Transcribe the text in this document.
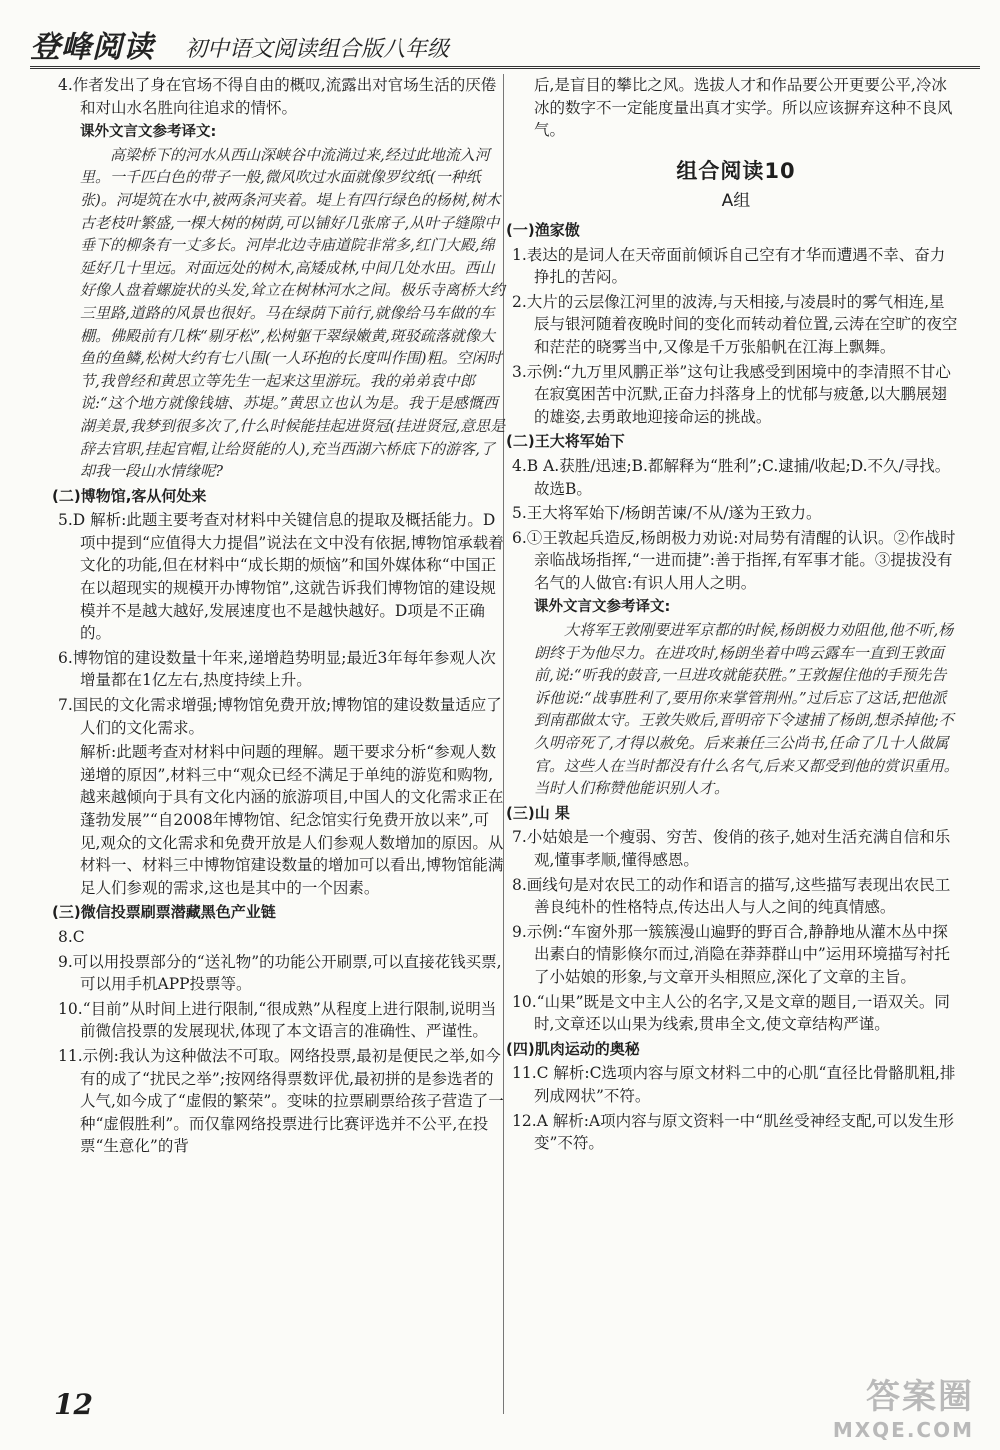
登峰阅读 初中语文阅读组合版八年级

4.作者发出了身在官场不得自由的概叹,流露出对官场生活的厌倦和对山水名胜向往追求的情怀。

课外文言文参考译文:

高梁桥下的河水从西山深峡谷中流淌过来,经过此地流入河里。一千匹白色的带子一般,微风吹过水面就像罗纹纸(一种纸张)。河堤筑在水中,被两条河夹着。堤上有四行绿色的杨树,树木古老枝叶繁盛,一棵大树的树荫,可以铺好几张席子,从叶子缝隙中垂下的柳条有一丈多长。河岸北边寺庙道院非常多,红门大殿,绵延好几十里远。对面远处的树木,高矮成林,中间几处水田。西山好像人盘着螺旋状的头发,耸立在树林河水之间。极乐寺离桥大约三里路,道路的风景也很好。马在绿荫下前行,就像给马车做的车棚。佛殿前有几株“剔牙松”,松树躯干翠绿嫩黄,斑驳疏落就像大鱼的鱼鳞,松树大约有七八围(一人环抱的长度叫作围)粗。空闲时节,我曾经和黄思立等先生一起来这里游玩。我的弟弟袁中郎说:“这个地方就像钱塘、苏堤。”黄思立也认为是。我于是感慨西湖美景,我梦到很多次了,什么时候能挂起进贤冠(挂进贤冠,意思是辞去官职,挂起官帽,让给贤能的人),充当西湖六桥底下的游客,了却我一段山水情缘呢?

(二)博物馆,客从何处来

5.D 解析:此题主要考查对材料中关键信息的提取及概括能力。D项中提到“应值得大力提倡”说法在文中没有依据,博物馆承载着文化的功能,但在材料中“成长期的烦恼”和国外媒体称“中国正在以超现实的规模开办博物馆”,这就告诉我们博物馆的建设规模并不是越大越好,发展速度也不是越快越好。D项是不正确的。

6.博物馆的建设数量十年来,递增趋势明显;最近3年每年参观人次增量都在1亿左右,热度持续上升。

7.国民的文化需求增强;博物馆免费开放;博物馆的建设数量适应了人们的文化需求。

解析:此题考查对材料中问题的理解。题干要求分析“参观人数递增的原因”,材料三中“观众已经不满足于单纯的游览和购物,越来越倾向于具有文化内涵的旅游项目,中国人的文化需求正在蓬勃发展”“自2008年博物馆、纪念馆实行免费开放以来”,可见,观众的文化需求和免费开放是人们参观人数增加的原因。从材料一、材料三中博物馆建设数量的增加可以看出,博物馆能满足人们参观的需求,这也是其中的一个因素。

(三)微信投票刷票潜藏黑色产业链

8.C

9.可以用投票部分的“送礼物”的功能公开刷票,可以直接花钱买票,可以用手机APP投票等。

10.“目前”从时间上进行限制,“很成熟”从程度上进行限制,说明当前微信投票的发展现状,体现了本文语言的准确性、严谨性。

11.示例:我认为这种做法不可取。网络投票,最初是便民之举,如今有的成了“扰民之举”;按网络得票数评优,最初拼的是参选者的人气,如今成了“虚假的繁荣”。变味的拉票刷票给孩子营造了一种“虚假胜利”。而仅靠网络投票进行比赛评选并不公平,在投票“生意化”的背

后,是盲目的攀比之风。选拔人才和作品要公开更要公平,冷冰冰的数字不一定能度量出真才实学。所以应该摒弃这种不良风气。

组合阅读10

A组

(一)渔家傲

1.表达的是词人在天帝面前倾诉自己空有才华而遭遇不幸、奋力挣扎的苦闷。

2.大片的云层像江河里的波涛,与天相接,与凌晨时的雾气相连,星辰与银河随着夜晚时间的变化而转动着位置,云涛在空旷的夜空和茫茫的晓雾当中,又像是千万张船帆在江海上飘舞。

3.示例:“九万里风鹏正举”这句让我感受到困境中的李清照不甘心在寂寞困苦中沉默,正奋力抖落身上的忧郁与疲惫,以大鹏展翅的雄姿,去勇敢地迎接命运的挑战。

(二)王大将军始下

4.B A.获胜/迅速;B.都解释为“胜利”;C.逮捕/收起;D.不久/寻找。故选B。

5.王大将军始下/杨朗苦谏/不从/遂为王致力。

6.①王敦起兵造反,杨朗极力劝说:对局势有清醒的认识。②作战时亲临战场指挥,“一进而捷”:善于指挥,有军事才能。③提拔没有名气的人做官:有识人用人之明。

课外文言文参考译文:

大将军王敦刚要进军京都的时候,杨朗极力劝阻他,他不听,杨朗终于为他尽力。在进攻时,杨朗坐着中鸣云露车一直到王敦面前,说:“听我的鼓音,一旦进攻就能获胜。”王敦握住他的手预先告诉他说:“战事胜利了,要用你来掌管荆州。”过后忘了这话,把他派到南郡做太守。王敦失败后,晋明帝下令逮捕了杨朗,想杀掉他;不久明帝死了,才得以赦免。后来兼任三公尚书,任命了几十人做属官。这些人在当时都没有什么名气,后来又都受到他的赏识重用。当时人们称赞他能识别人才。

(三)山 果

7.小姑娘是一个瘦弱、穷苦、俊俏的孩子,她对生活充满自信和乐观,懂事孝顺,懂得感恩。

8.画线句是对农民工的动作和语言的描写,这些描写表现出农民工善良纯朴的性格特点,传达出人与人之间的纯真情感。

9.示例:“车窗外那一簇簇漫山遍野的野百合,静静地从灌木丛中探出素白的情影倏尔而过,消隐在莽莽群山中”运用环境描写衬托了小姑娘的形象,与文章开头相照应,深化了文章的主旨。

10.“山果”既是文中主人公的名字,又是文章的题目,一语双关。同时,文章还以山果为线索,贯串全文,使文章结构严谨。

(四)肌肉运动的奥秘

11.C 解析:C选项内容与原文材料二中的心肌“直径比骨骼肌粗,排列成网状”不符。

12.A 解析:A项内容与原文资料一中“肌丝受神经支配,可以发生形变”不符。

12	答案圈
MXQE.COM
